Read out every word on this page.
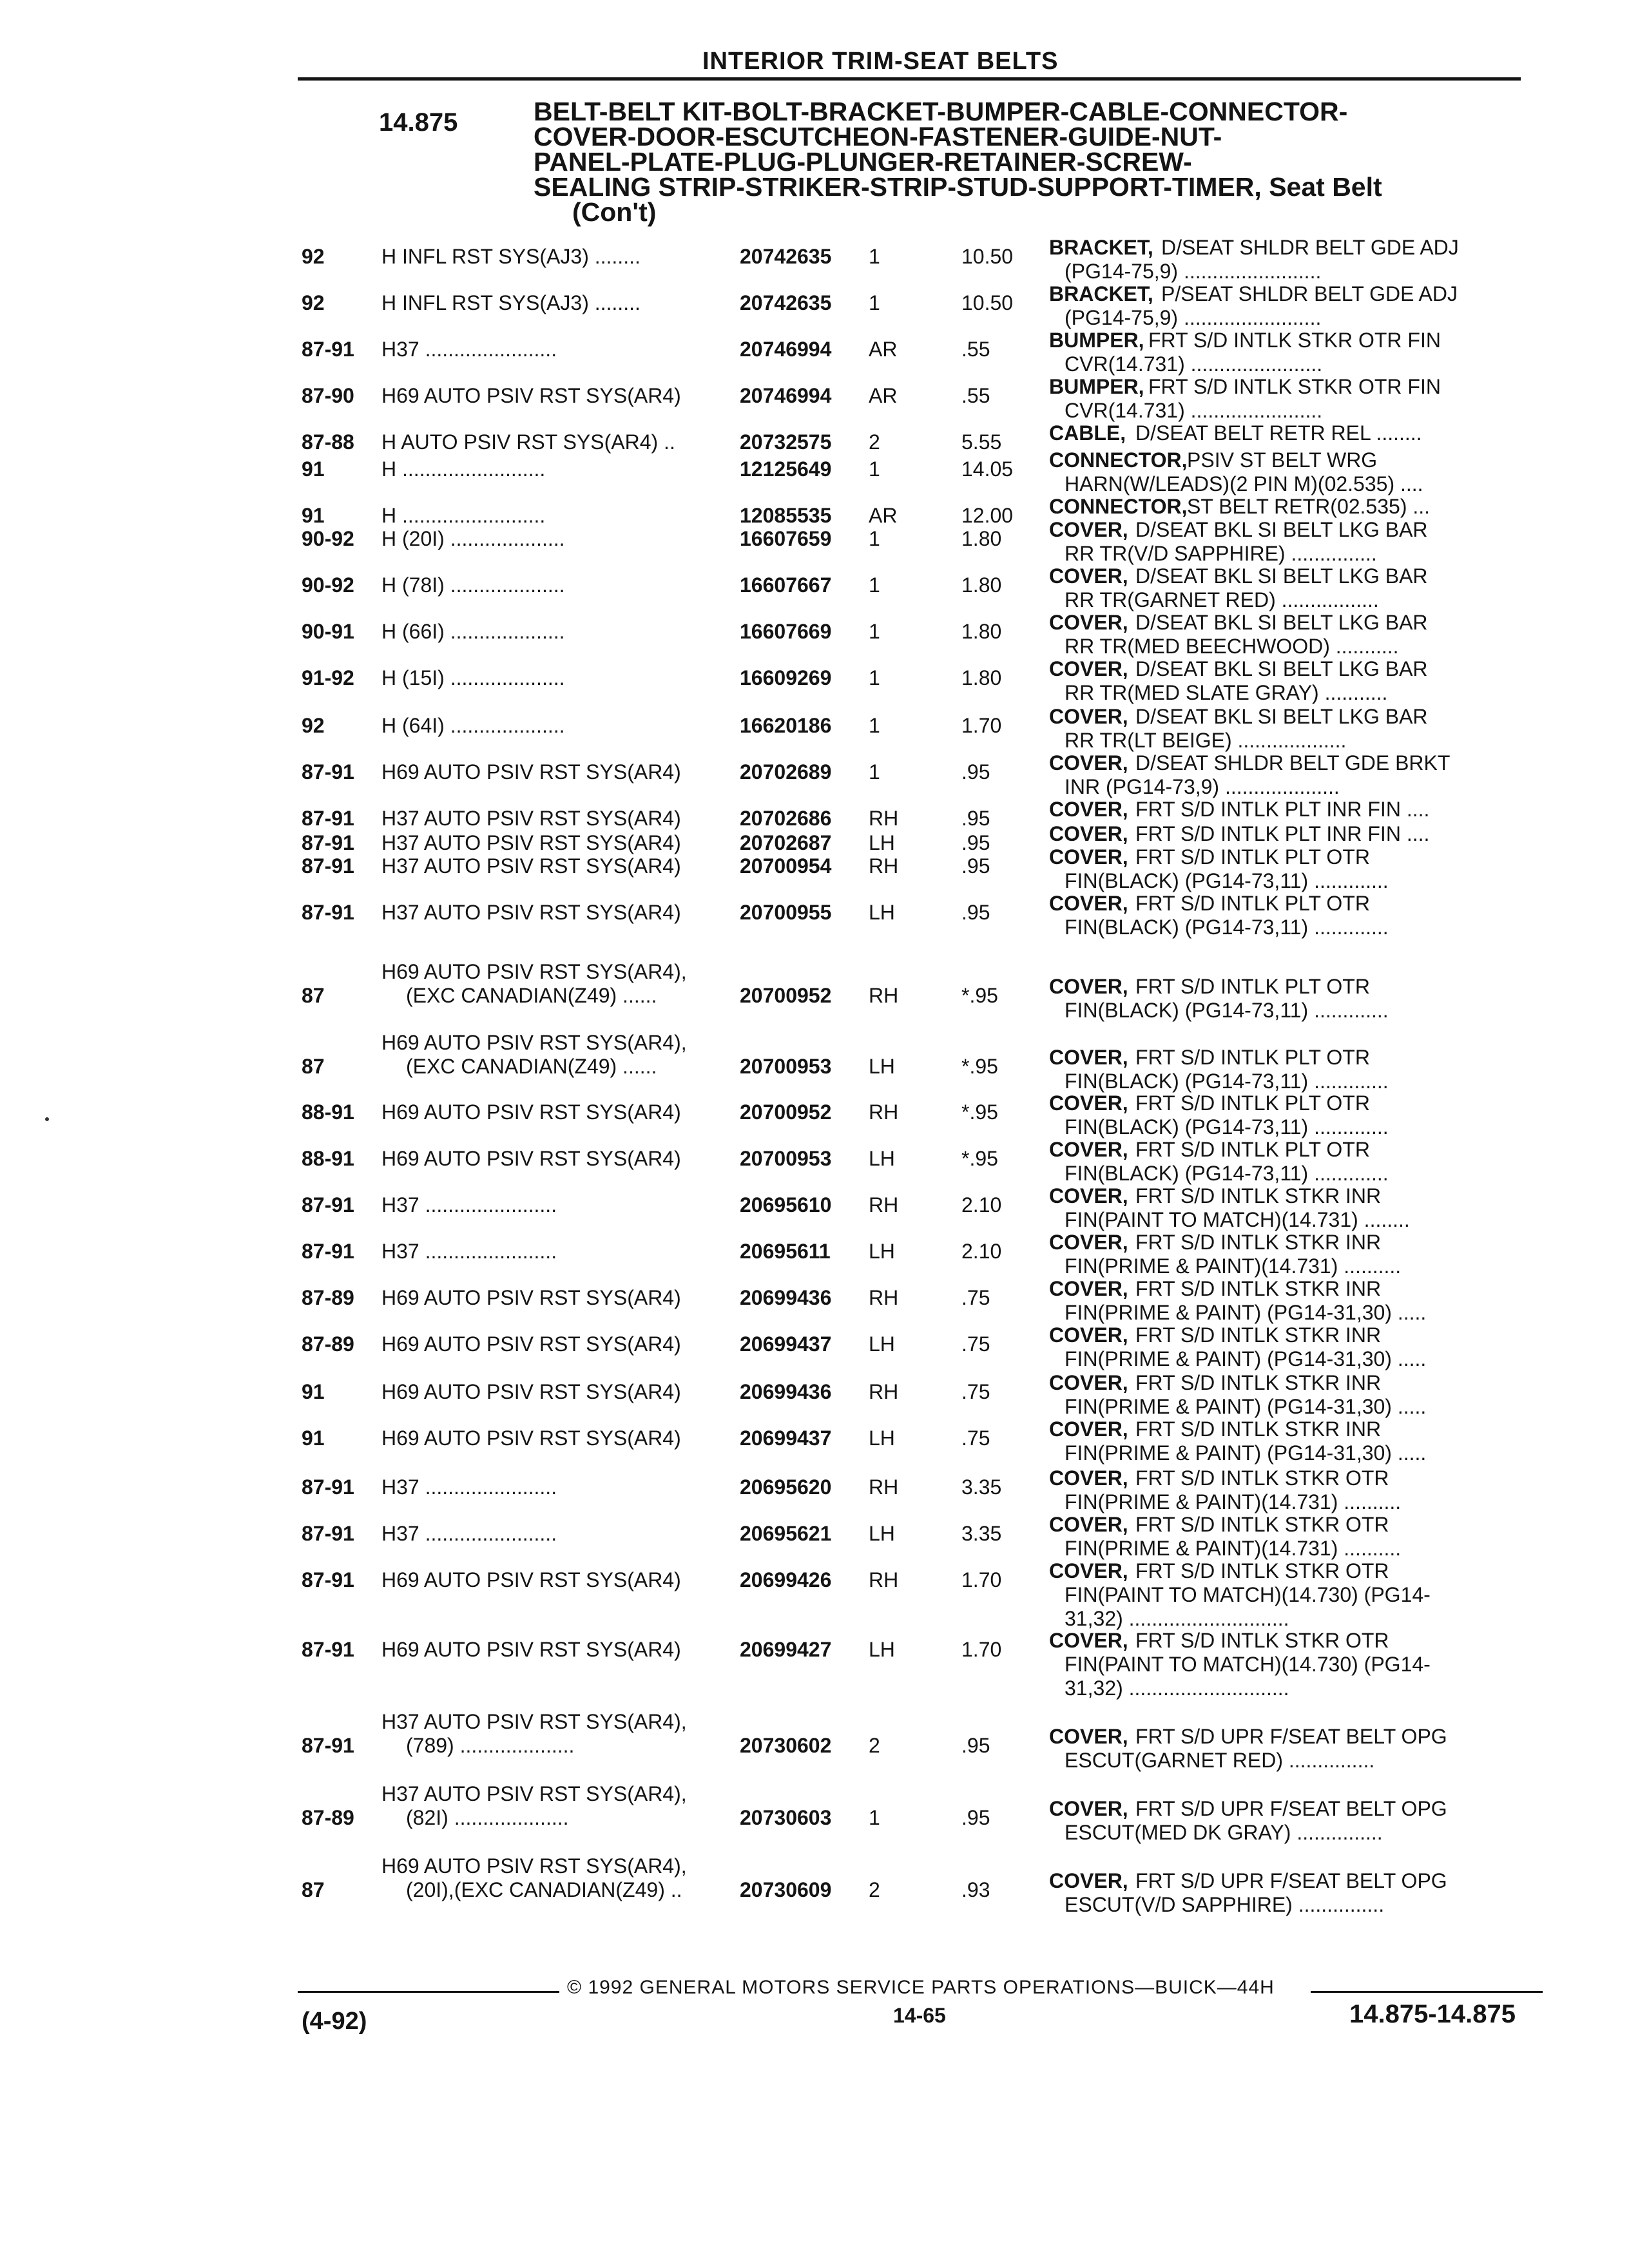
INTERIOR TRIM-SEAT BELTS
14.875	BELT-BELT KIT-BOLT-BRACKET-BUMPER-CABLE-CONNECTOR-
COVER-DOOR-ESCUTCHEON-FASTENER-GUIDE-NUT-
PANEL-PLATE-PLUG-PLUNGER-RETAINER-SCREW-
SEALING STRIP-STRIKER-STRIP-STUD-SUPPORT-TIMER, Seat Belt
(Con't)
92	H INFL RST SYS(AJ3) ........	20742635 1	10.50 BRACKET, D/SEAT SHLDR BELT GDE ADJ
(PG14-75,9) ........................
92	H INFL RST SYS(AJ3) ........	20742635 1	10.50 BRACKET, P/SEAT SHLDR BELT GDE ADJ
(PG14-75,9) ........................
87-91 H37 .......................	20746994 AR	.55	BUMPER, FRT S/D INTLK STKR OTR FIN
CVR(14.731) .......................
87-90 H69 AUTO PSIV RST SYS(AR4)	20746994 AR	.55	BUMPER, FRT S/D INTLK STKR OTR FIN
CVR(14.731) .......................
87-88 H AUTO PSIV RST SYS(AR4) ..	20732575 2	5.55 CABLE, D/SEAT BELT RETR REL ........
91	H .........................	12125649 1	14.05 CONNECTOR, PSIV ST BELT WRG
HARN(W/LEADS)(2 PIN M)(02.535) ....
91	H .........................	12085535 AR	12.00 CONNECTOR, ST BELT RETR(02.535) ...
90-92 H (20I) ....................	16607659 1	1.80 COVER, D/SEAT BKL SI BELT LKG BAR
RR TR(V/D SAPPHIRE) ...............
90-92 H (78I) ....................	16607667 1	1.80 COVER, D/SEAT BKL SI BELT LKG BAR
RR TR(GARNET RED) .................
90-91 H (66I) ....................	16607669 1	1.80 COVER, D/SEAT BKL SI BELT LKG BAR
RR TR(MED BEECHWOOD) ...........
91-92 H (15I) ....................	16609269 1	1.80 COVER, D/SEAT BKL SI BELT LKG BAR
RR TR(MED SLATE GRAY) ...........
92	H (64I) ....................	16620186 1	1.70 COVER, D/SEAT BKL SI BELT LKG BAR
RR TR(LT BEIGE) ...................
87-91 H69 AUTO PSIV RST SYS(AR4)	20702689 1	.95	COVER, D/SEAT SHLDR BELT GDE BRKT
INR (PG14-73,9) ....................
87-91 H37 AUTO PSIV RST SYS(AR4)	20702686 RH	.95	COVER, FRT S/D INTLK PLT INR FIN ....
87-91 H37 AUTO PSIV RST SYS(AR4)	20702687 LH	.95	COVER, FRT S/D INTLK PLT INR FIN ....
87-91 H37 AUTO PSIV RST SYS(AR4)	20700954 RH	.95	COVER, FRT S/D INTLK PLT OTR
FIN(BLACK) (PG14-73,11) .............
87-91 H37 AUTO PSIV RST SYS(AR4)	20700955 LH	.95	COVER, FRT S/D INTLK PLT OTR
FIN(BLACK) (PG14-73,11) .............
87
H69 AUTO PSIV RST SYS(AR4),
(EXC CANADIAN(Z49) ......	20700952 RH	*.95 COVER, FRT S/D INTLK PLT OTR
FIN(BLACK) (PG14-73,11) .............
87
H69 AUTO PSIV RST SYS(AR4),
(EXC CANADIAN(Z49) ......	20700953 LH	*.95 COVER, FRT S/D INTLK PLT OTR
FIN(BLACK) (PG14-73,11) .............
88-91 H69 AUTO PSIV RST SYS(AR4)	20700952 RH	*.95 COVER, FRT S/D INTLK PLT OTR
FIN(BLACK) (PG14-73,11) .............
88-91 H69 AUTO PSIV RST SYS(AR4)	20700953 LH	*.95 COVER, FRT S/D INTLK PLT OTR
FIN(BLACK) (PG14-73,11) .............
87-91 H37 .......................	20695610 RH	2.10 COVER, FRT S/D INTLK STKR INR
FIN(PAINT TO MATCH)(14.731) ........
87-91 H37 .......................	20695611 LH	2.10 COVER, FRT S/D INTLK STKR INR
FIN(PRIME & PAINT)(14.731) ..........
87-89 H69 AUTO PSIV RST SYS(AR4)	20699436 RH	.75	COVER, FRT S/D INTLK STKR INR
FIN(PRIME & PAINT) (PG14-31,30) .....
87-89 H69 AUTO PSIV RST SYS(AR4)	20699437 LH	.75	COVER, FRT S/D INTLK STKR INR
FIN(PRIME & PAINT) (PG14-31,30) .....
91	H69 AUTO PSIV RST SYS(AR4)	20699436 RH	.75	COVER, FRT S/D INTLK STKR INR
FIN(PRIME & PAINT) (PG14-31,30) .....
91	H69 AUTO PSIV RST SYS(AR4)	20699437 LH	.75	COVER, FRT S/D INTLK STKR INR
FIN(PRIME & PAINT) (PG14-31,30) .....
87-91 H37 .......................	20695620 RH	3.35 COVER, FRT S/D INTLK STKR OTR
FIN(PRIME & PAINT)(14.731) ..........
87-91 H37 .......................	20695621 LH	3.35 COVER, FRT S/D INTLK STKR OTR
FIN(PRIME & PAINT)(14.731) ..........
87-91 H69 AUTO PSIV RST SYS(AR4)	20699426 RH	1.70 COVER, FRT S/D INTLK STKR OTR
FIN(PAINT TO MATCH)(14.730) (PG14-
31,32) ............................
87-91 H69 AUTO PSIV RST SYS(AR4)	20699427 LH	1.70 COVER, FRT S/D INTLK STKR OTR
FIN(PAINT TO MATCH)(14.730) (PG14-
31,32) ............................
87-91
H37 AUTO PSIV RST SYS(AR4),
(789) ....................	20730602 2	.95	COVER, FRT S/D UPR F/SEAT BELT OPG
ESCUT(GARNET RED) ...............
87-89
H37 AUTO PSIV RST SYS(AR4),
(82I) ....................	20730603 1	.95	COVER, FRT S/D UPR F/SEAT BELT OPG
ESCUT(MED DK GRAY) ...............
87
H69 AUTO PSIV RST SYS(AR4),
(20I),(EXC CANADIAN(Z49) ..	20730609 2	.93	COVER, FRT S/D UPR F/SEAT BELT OPG
ESCUT(V/D SAPPHIRE) ...............
© 1992 GENERAL MOTORS SERVICE PARTS OPERATIONS—BUICK—44H
(4-92)	14-65	14.875-14.875
